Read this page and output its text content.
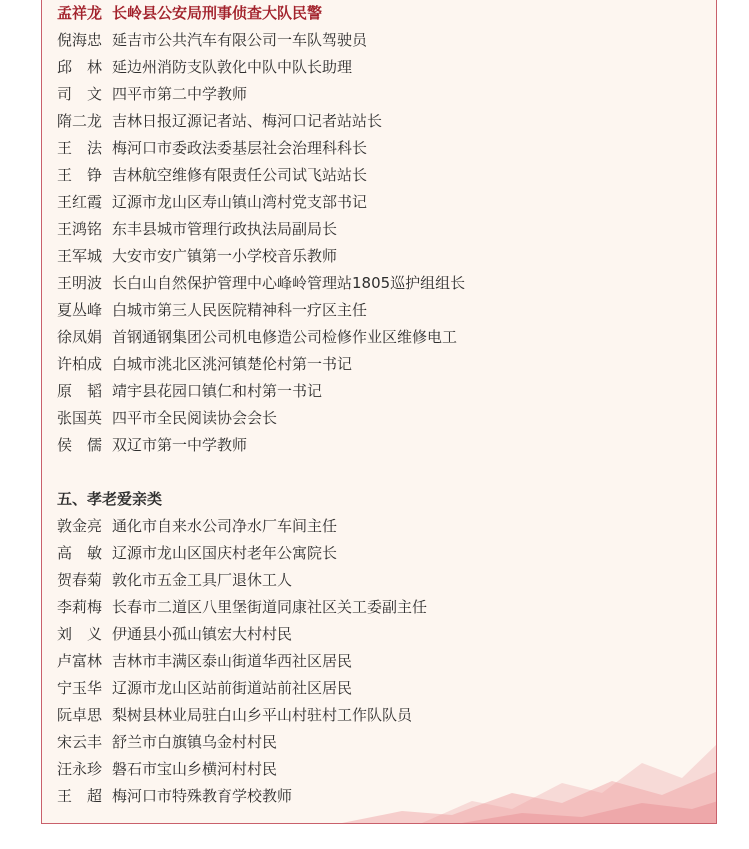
孟祥龙 长岭县公安局刑事侦查大队民警
倪海忠 延吉市公共汽车有限公司一车队驾驶员
邱　林 延边州消防支队敦化中队中队长助理
司　文 四平市第二中学教师
隋二龙 吉林日报辽源记者站、梅河口记者站站长
王　法 梅河口市委政法委基层社会治理科科长
王　铮 吉林航空维修有限责任公司试飞站站长
王红霞 辽源市龙山区寿山镇山湾村党支部书记
王鸿铭 东丰县城市管理行政执法局副局长
王军城 大安市安广镇第一小学校音乐教师
王明波 长白山自然保护管理中心峰岭管理站1805巡护组组长
夏丛峰 白城市第三人民医院精神科一疗区主任
徐凤娟 首钢通钢集团公司机电修造公司检修作业区维修电工
许柏成 白城市洮北区洮河镇楚伦村第一书记
原　韬 靖宇县花园口镇仁和村第一书记
张国英 四平市全民阅读协会会长
侯　儒 双辽市第一中学教师
五、孝老爱亲类
敦金亮 通化市自来水公司净水厂车间主任
高　敏 辽源市龙山区国庆村老年公寓院长
贺春菊 敦化市五金工具厂退休工人
李莉梅 长春市二道区八里堡街道同康社区关工委副主任
刘　义 伊通县小孤山镇宏大村村民
卢富林 吉林市丰满区泰山街道华西社区居民
宁玉华 辽源市龙山区站前街道站前社区居民
阮卓思 梨树县林业局驻白山乡平山村驻村工作队队员
宋云丰 舒兰市白旗镇乌金村村民
汪永珍 磐石市宝山乡横河村村民
王　超 梅河口市特殊教育学校教师
